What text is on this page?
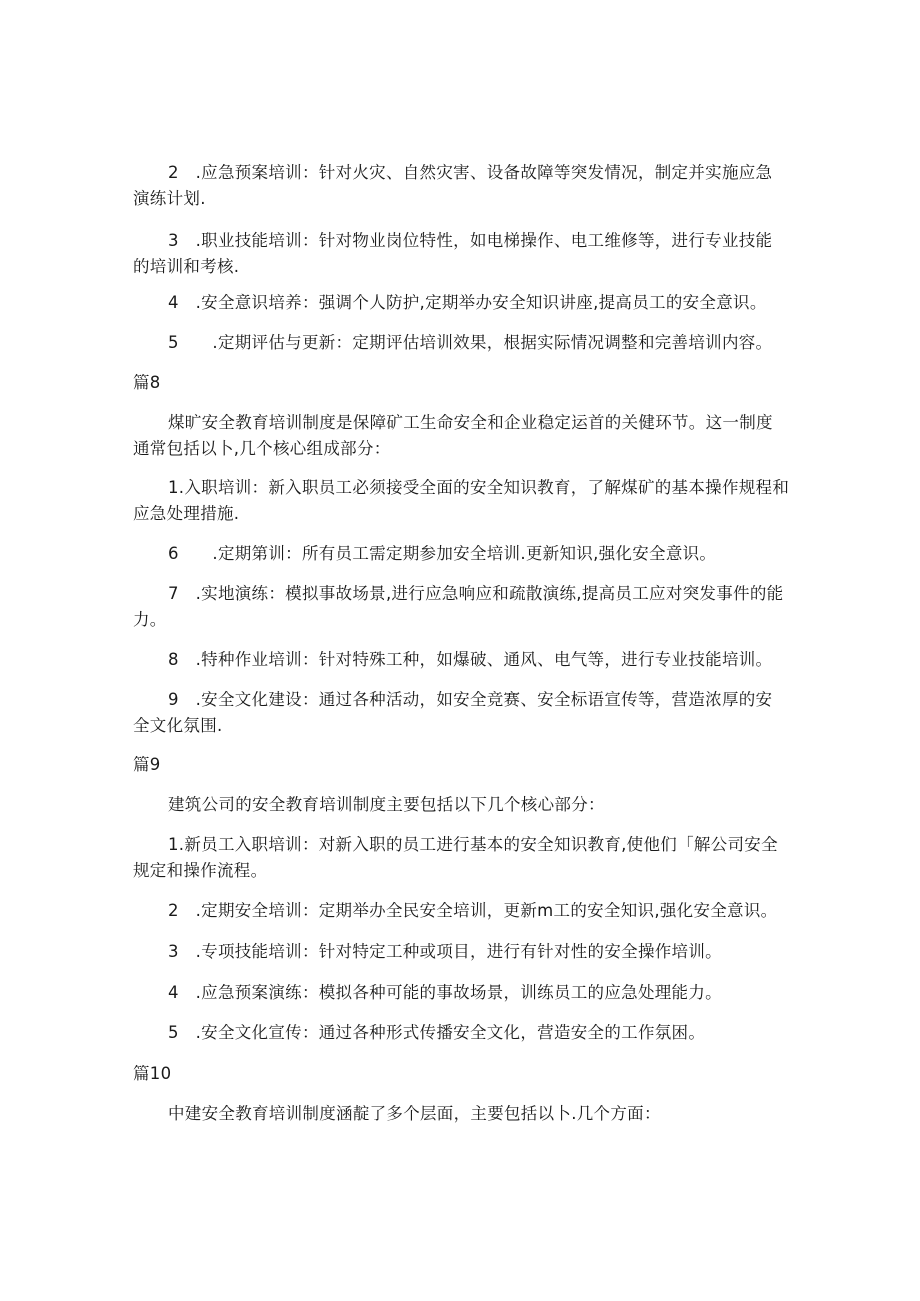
2　.应急预案培训：针对火灾、自然灾害、设备故障等突发情况，制定并实施应急
演练计划.
3　.职业技能培训：针对物业岗位特性，如电梯操作、电工维修等，进行专业技能
的培训和考核.
4　.安全意识培养：强调个人防护,定期举办安全知识讲座,提高员工的安全意识。
5　　.定期评估与更新：定期评估培训效果，根据实际情况调整和完善培训内容。
篇8
煤旷安全教育培训制度是保障矿工生命安全和企业稳定运首的关健环节。这一制度
通常包括以卜,几个核心组成部分：
1.入职培训：新入职员工必须接受全面的安全知识教育，了解煤矿的基本操作规程和
应急处理措施.
6　　.定期第训：所有员工需定期参加安全培训.更新知识,强化安全意识。
7　.实地演练：模拟事故场景,进行应急响应和疏散演练,提高员工应对突发事件的能
力。
8　.特种作业培训：针对特殊工种，如爆破、通风、电气等，进行专业技能培训。
9　.安全文化建设：通过各种活动，如安全竞赛、安全标语宣传等，营造浓厚的安
全文化氛围.
篇9
建筑公司的安全教育培训制度主要包括以下几个核心部分：
1.新员工入职培训：对新入职的员工进行基本的安全知识教育,使他们「解公司安全
规定和操作流程。
2　.定期安全培训：定期举办全民安全培训，更新m工的安全知识,强化安全意识。
3　.专项技能培训：针对特定工种或项目，进行有针对性的安全操作培训。
4　.应急预案演练：模拟各种可能的事故场景，训练员工的应急处理能力。
5　.安全文化宣传：通过各种形式传播安全文化，营造安全的工作氛困。
篇10
中建安全教育培训制度涵靛了多个层面，主要包括以卜.几个方面：
